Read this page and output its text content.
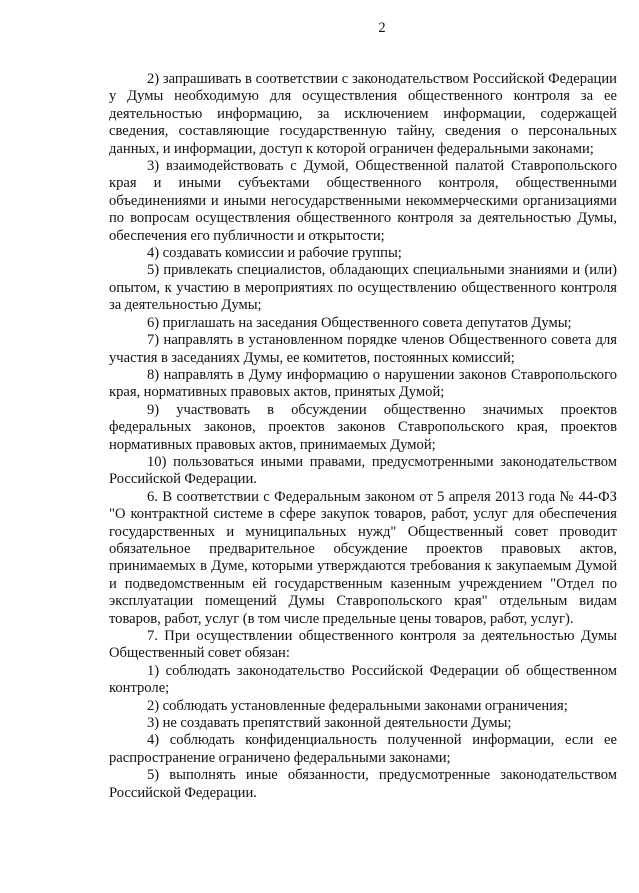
2

2) запрашивать в соответствии с законодательством Российской Федерации у Думы необходимую для осуществления общественного контроля за ее деятельностью информацию, за исключением информации, содержащей сведения, составляющие государственную тайну, сведения о персональных данных, и информации, доступ к которой ограничен федеральными законами;

3) взаимодействовать с Думой, Общественной палатой Ставропольского края и иными субъектами общественного контроля, общественными объединениями и иными негосударственными некоммерческими организациями по вопросам осуществления общественного контроля за деятельностью Думы, обеспечения его публичности и открытости;

4) создавать комиссии и рабочие группы;

5) привлекать специалистов, обладающих специальными знаниями и (или) опытом, к участию в мероприятиях по осуществлению общественного контроля за деятельностью Думы;

6) приглашать на заседания Общественного совета депутатов Думы;

7) направлять в установленном порядке членов Общественного совета для участия в заседаниях Думы, ее комитетов, постоянных комиссий;

8) направлять в Думу информацию о нарушении законов Ставропольского края, нормативных правовых актов, принятых Думой;

9) участвовать в обсуждении общественно значимых проектов федеральных законов, проектов законов Ставропольского края, проектов нормативных правовых актов, принимаемых Думой;

10) пользоваться иными правами, предусмотренными законодательством Российской Федерации.

6. В соответствии с Федеральным законом от 5 апреля 2013 года № 44-ФЗ "О контрактной системе в сфере закупок товаров, работ, услуг для обеспечения государственных и муниципальных нужд" Общественный совет проводит обязательное предварительное обсуждение проектов правовых актов, принимаемых в Думе, которыми утверждаются требования к закупаемым Думой и подведомственным ей государственным казенным учреждением "Отдел по эксплуатации помещений Думы Ставропольского края" отдельным видам товаров, работ, услуг (в том числе предельные цены товаров, работ, услуг).

7. При осуществлении общественного контроля за деятельностью Думы Общественный совет обязан:

1) соблюдать законодательство Российской Федерации об общественном контроле;

2) соблюдать установленные федеральными законами ограничения;

3) не создавать препятствий законной деятельности Думы;

4) соблюдать конфиденциальность полученной информации, если ее распространение ограничено федеральными законами;

5) выполнять иные обязанности, предусмотренные законодательством Российской Федерации.
